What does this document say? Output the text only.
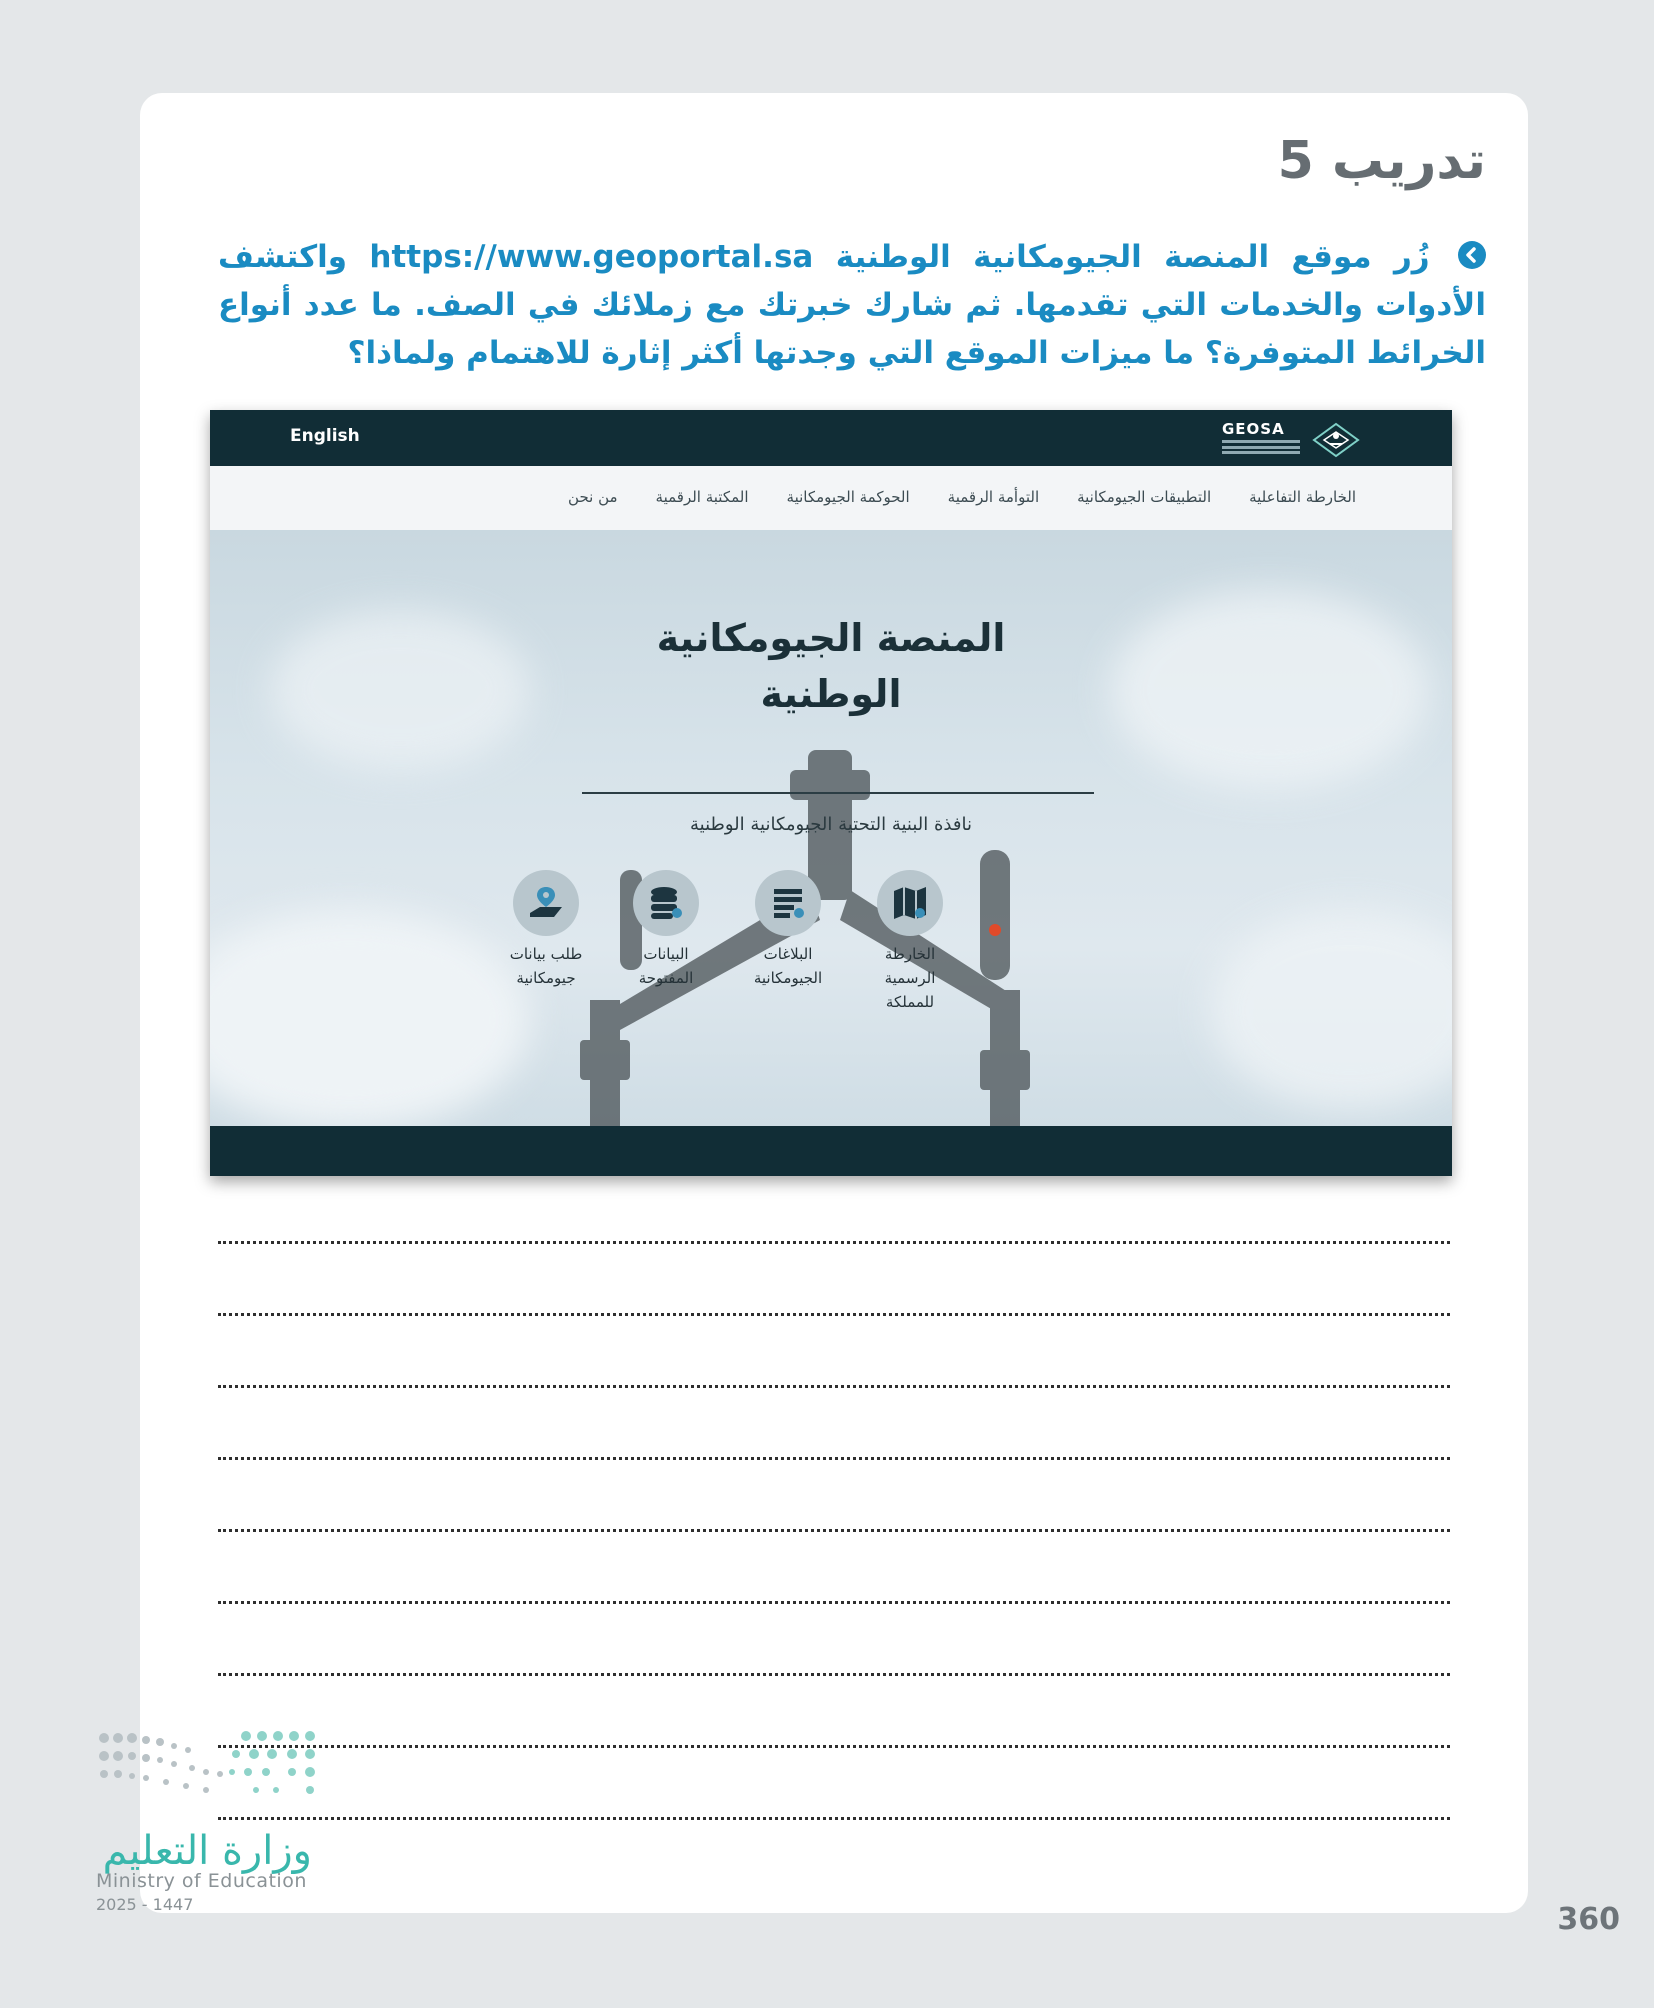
تدريب 5
زُر موقع المنصة الجيومكانية الوطنية https://www.geoportal.sa واكتشف الأدوات والخدمات التي تقدمها. ثم شارك خبرتك مع زملائك في الصف. ما عدد أنواع الخرائط المتوفرة؟ ما ميزات الموقع التي وجدتها أكثر إثارة للاهتمام ولماذا؟
English	GEOSA
الخارطة التفاعلية
التطبيقات الجيومكانية
التوأمة الرقمية
الحوكمة الجيومكانية
المكتبة الرقمية
من نحن
المنصة الجيومكانية
الوطنية
نافذة البنية التحتية الجيومكانية الوطنية
الخارطة
الرسمية
للمملكة
البلاغات
الجيومكانية
البيانات
المفتوحة
طلب بيانات
جيومكانية
وزارة التعليم
Ministry of Education
2025 - 1447	360
